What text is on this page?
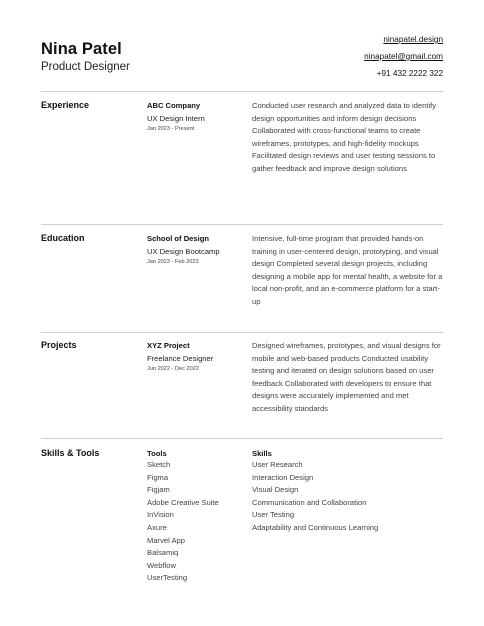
Nina Patel
Product Designer
ninapatel.design
ninapatel@gmail.com
+91 432 2222 322
Experience	ABC Company
UX Design Intern
Jan 2023 - Present
Conducted user research and analyzed data to identify design opportunities and inform design decisions Collaborated with cross-functional teams to create wireframes, prototypes, and high-fidelity mockups Facilitated design reviews and user testing sessions to gather feedback and improve design solutions
Education	School of Design
UX Design Bootcamp
Jan 2023 - Feb 2023
Intensive, full-time program that provided hands-on training in user-centered design, prototyping, and visual design Completed several design projects, including designing a mobile app for mental health, a website for a local non-profit, and an e-commerce platform for a start-up
Projects	XYZ Project
Freelance Designer
Jun 2022 - Dec 2022
Designed wireframes, prototypes, and visual designs for mobile and web-based products Conducted usability testing and iterated on design solutions based on user feedback Collaborated with developers to ensure that designs were accurately implemented and met accessibility standards
Skills & Tools	Tools
Sketch
Figma
Figjam
Adobe Creative Suite
InVision
Axure
Marvel App
Balsamiq
Webflow
UserTesting
Skills
User Research
Interaction Design
Visual Design
Communication and Collaboration
User Testing
Adaptability and Continuous Learning
